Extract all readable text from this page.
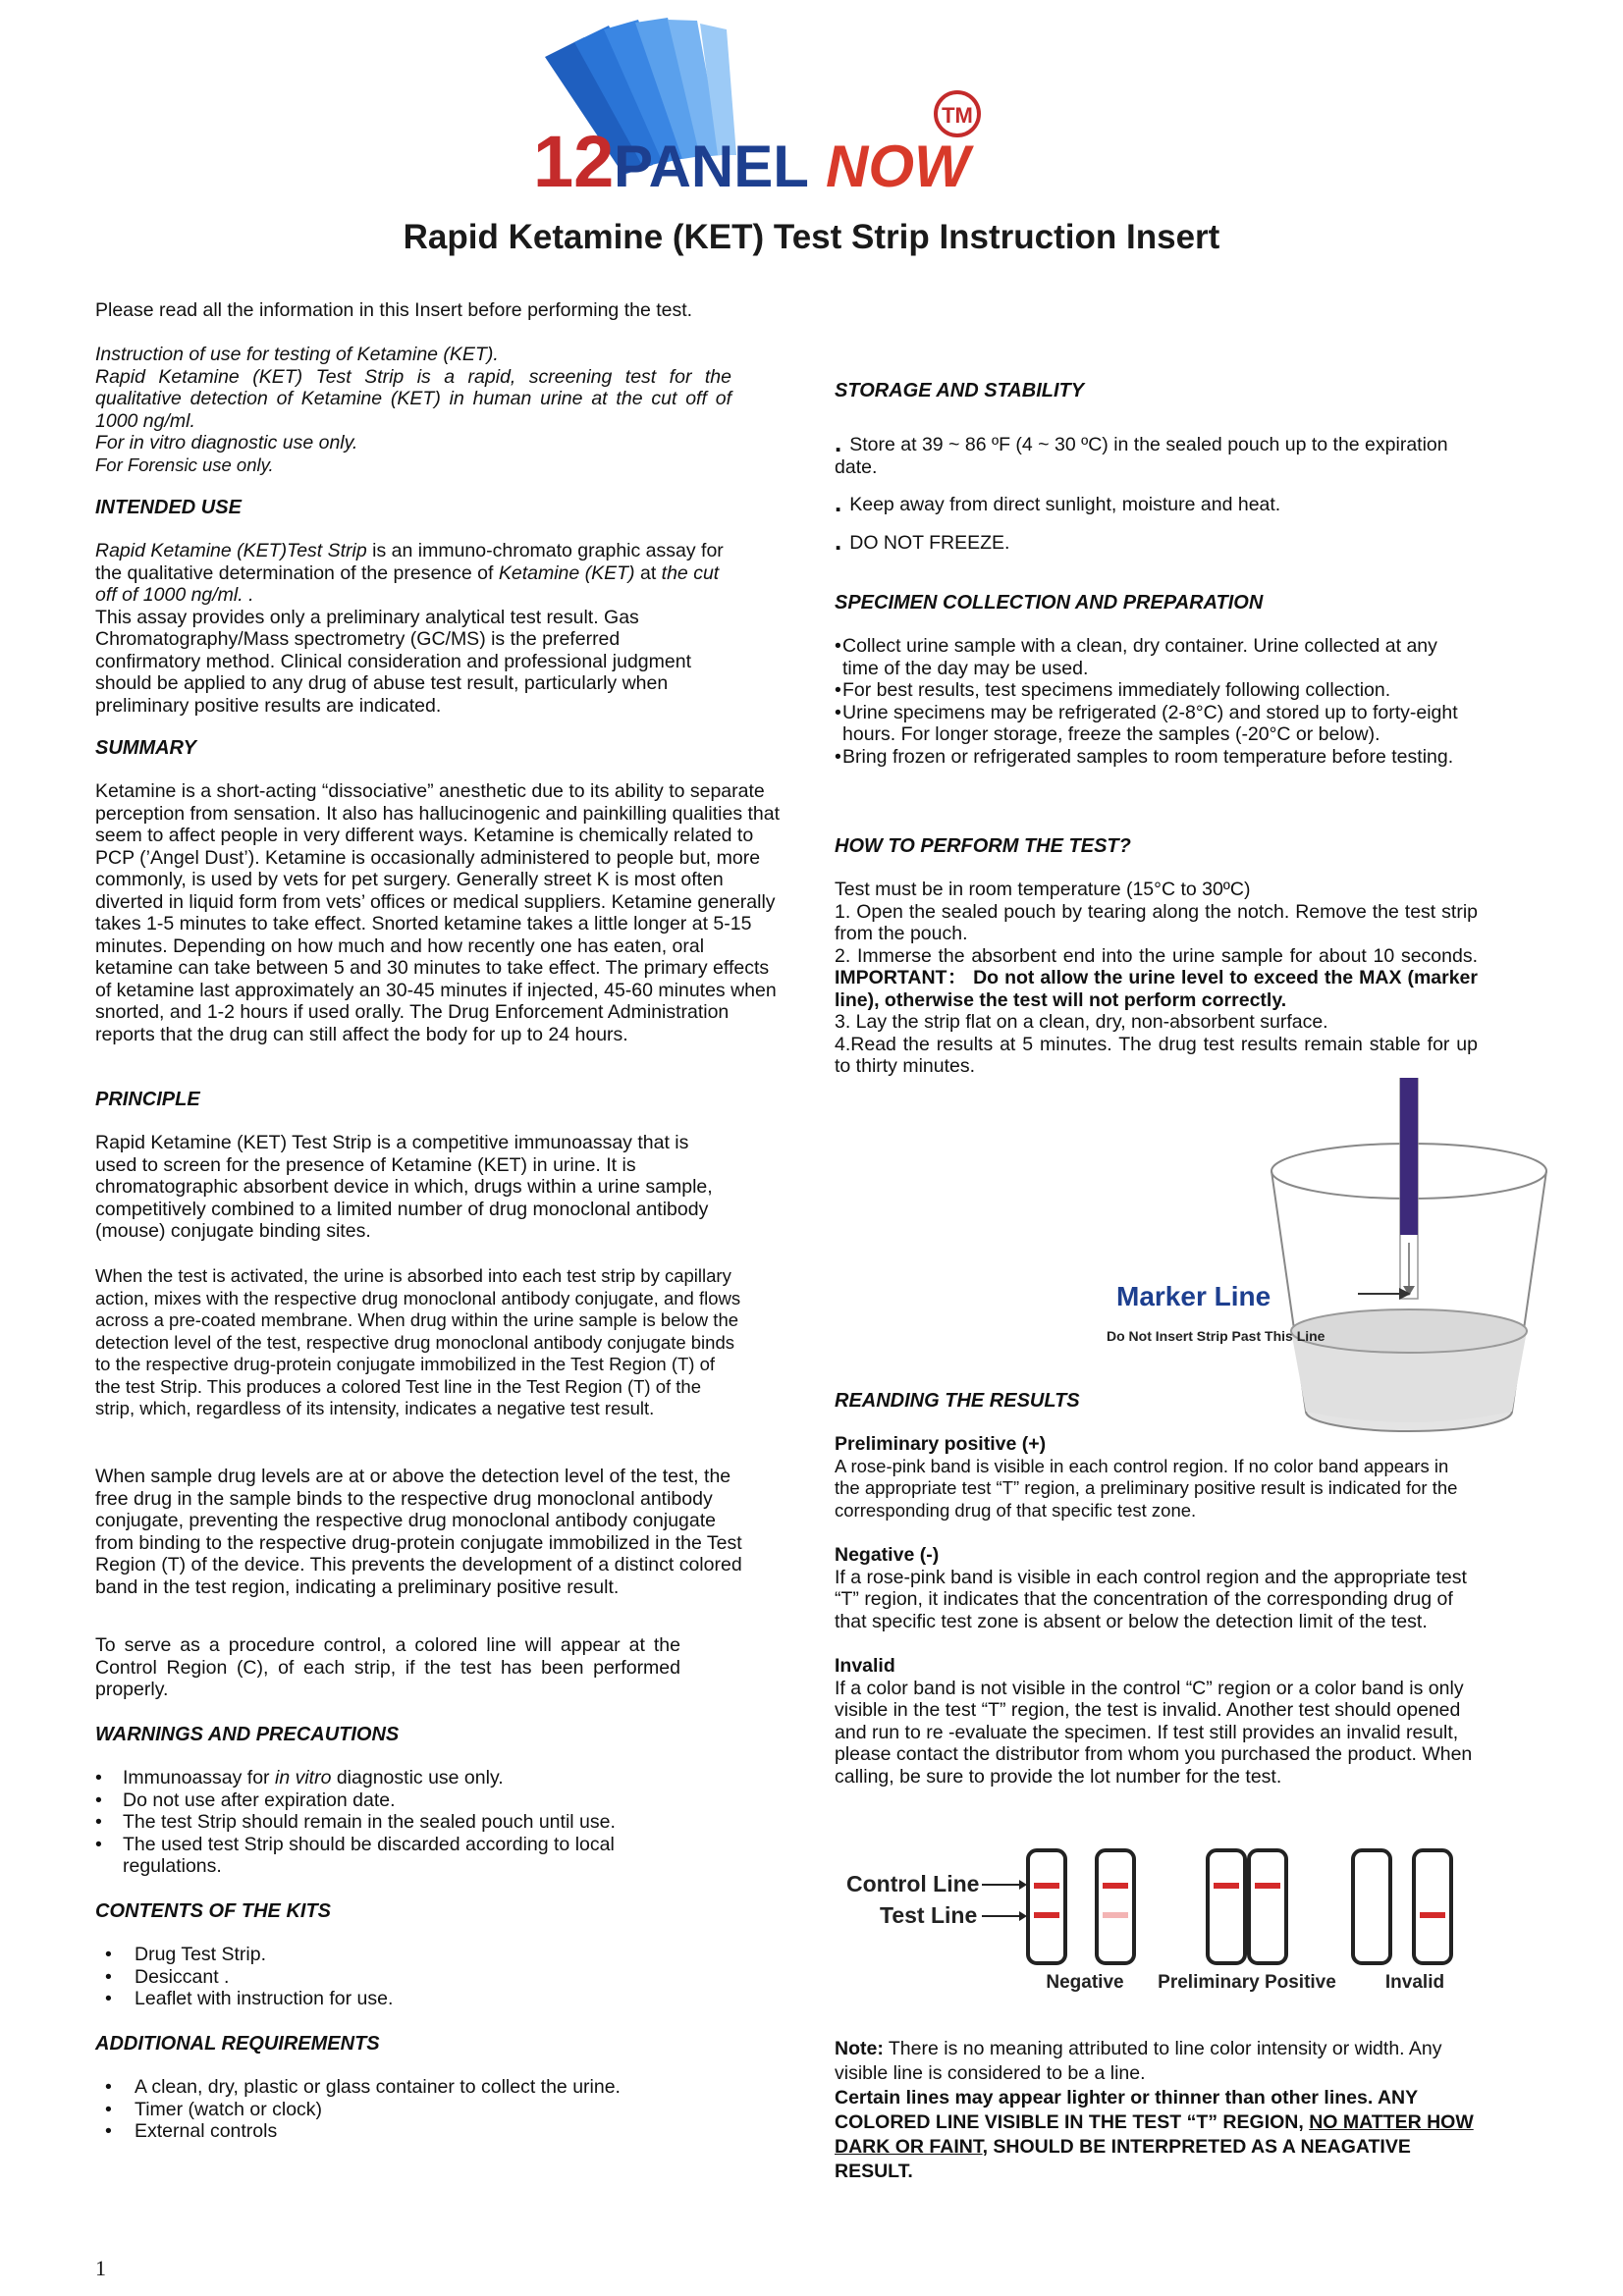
12 PANEL NOW
TM
Rapid Ketamine (KET) Test Strip Instruction Insert
Please read all the information in this Insert before performing the test.
Instruction of use for testing of Ketamine (KET).
Rapid Ketamine (KET) Test Strip is a rapid, screening test for the qualitative detection of Ketamine (KET) in human urine at the cut off of 1000 ng/ml.
For in vitro diagnostic use only.
For Forensic use only.
INTENDED USE
Rapid Ketamine (KET)Test Strip is an immuno-chromato graphic assay for the qualitative determination of the presence of Ketamine (KET) at the cut off of 1000 ng/ml. .
This assay provides only a preliminary analytical test result. Gas Chromatography/Mass spectrometry (GC/MS) is the preferred confirmatory method. Clinical consideration and professional judgment should be applied to any drug of abuse test result, particularly when preliminary positive results are indicated.
SUMMARY
Ketamine is a short-acting “dissociative” anesthetic due to its ability to separate perception from sensation. It also has hallucinogenic and painkilling qualities that seem to affect people in very different ways. Ketamine is chemically related to PCP (’Angel Dust’). Ketamine is occasionally administered to people but, more commonly, is used by vets for pet surgery. Generally street K is most often diverted in liquid form from vets’ offices or medical suppliers. Ketamine generally takes 1-5 minutes to take effect. Snorted ketamine takes a little longer at 5-15 minutes. Depending on how much and how recently one has eaten, oral ketamine can take between 5 and 30 minutes to take effect. The primary effects of ketamine last approximately an 30-45 minutes if injected, 45-60 minutes when snorted, and 1-2 hours if used orally. The Drug Enforcement Administration reports that the drug can still affect the body for up to 24 hours.
PRINCIPLE
Rapid Ketamine (KET) Test Strip is a competitive immunoassay that is used to screen for the presence of Ketamine (KET) in urine. It is chromatographic absorbent device in which, drugs within a urine sample, competitively combined to a limited number of drug monoclonal antibody (mouse) conjugate binding sites.
When the test is activated, the urine is absorbed into each test strip by capillary action, mixes with the respective drug monoclonal antibody conjugate, and flows across a pre-coated membrane. When drug within the urine sample is below the detection level of the test, respective drug monoclonal antibody conjugate binds to the respective drug-protein conjugate immobilized in the Test Region (T) of the test Strip. This produces a colored Test line in the Test Region (T) of the strip, which, regardless of its intensity, indicates a negative test result.
When sample drug levels are at or above the detection level of the test, the free drug in the sample binds to the respective drug monoclonal antibody conjugate, preventing the respective drug monoclonal antibody conjugate from binding to the respective drug-protein conjugate immobilized in the Test Region (T) of the device. This prevents the development of a distinct colored band in the test region, indicating a preliminary positive result.
To serve as a procedure control, a colored line will appear at the Control Region (C), of each strip, if the test has been performed properly.
WARNINGS AND PRECAUTIONS
• Immunoassay for in vitro diagnostic use only.
• Do not use after expiration date.
• The test Strip should remain in the sealed pouch until use.
• The used test Strip should be discarded according to local regulations.
CONTENTS OF THE KITS
• Drug Test Strip.
• Desiccant .
• Leaflet with instruction for use.
ADDITIONAL REQUIREMENTS
• A clean, dry, plastic or glass container to collect the urine.
• Timer (watch or clock)
• External controls
STORAGE AND STABILITY
. Store at 39 ~ 86 ºF (4 ~ 30 ºC) in the sealed pouch up to the expiration date.
. Keep away from direct sunlight, moisture and heat.
. DO NOT FREEZE.
SPECIMEN COLLECTION AND PREPARATION
• Collect urine sample with a clean, dry container. Urine collected at any time of the day may be used.
• For best results, test specimens immediately following collection.
• Urine specimens may be refrigerated (2-8°C) and stored up to forty-eight hours. For longer storage, freeze the samples (-20°C or below).
• Bring frozen or refrigerated samples to room temperature before testing.
HOW TO PERFORM THE TEST?
Test must be in room temperature (15°C to 30ºC)
1. Open the sealed pouch by tearing along the notch. Remove the test strip from the pouch.
2. Immerse the absorbent end into the urine sample for about 10 seconds. IMPORTANT： Do not allow the urine level to exceed the MAX (marker line), otherwise the test will not perform correctly.
3. Lay the strip flat on a clean, dry, non-absorbent surface.
4.Read the results at 5 minutes. The drug test results remain stable for up to thirty minutes.
Marker Line
Do Not Insert Strip Past This Line
REANDING THE RESULTS
Preliminary positive (+)
A rose-pink band is visible in each control region. If no color band appears in the appropriate test “T” region, a preliminary positive result is indicated for the corresponding drug of that specific test zone.
Negative (-)
If a rose-pink band is visible in each control region and the appropriate test “T” region, it indicates that the concentration of the corresponding drug of that specific test zone is absent or below the detection limit of the test.
Invalid
If a color band is not visible in the control “C” region or a color band is only visible in the test “T” region, the test is invalid. Another test should opened and run to re -evaluate the specimen. If test still provides an invalid result, please contact the distributor from whom you purchased the product. When calling, be sure to provide the lot number for the test.
Control Line
Test Line
Negative Preliminary Positive	Invalid
Note: There is no meaning attributed to line color intensity or width. Any visible line is considered to be a line.
Certain lines may appear lighter or thinner than other lines. ANY COLORED LINE VISIBLE IN THE TEST “T” REGION, NO MATTER HOW DARK OR FAINT, SHOULD BE INTERPRETED AS A NEAGATIVE RESULT.
1
